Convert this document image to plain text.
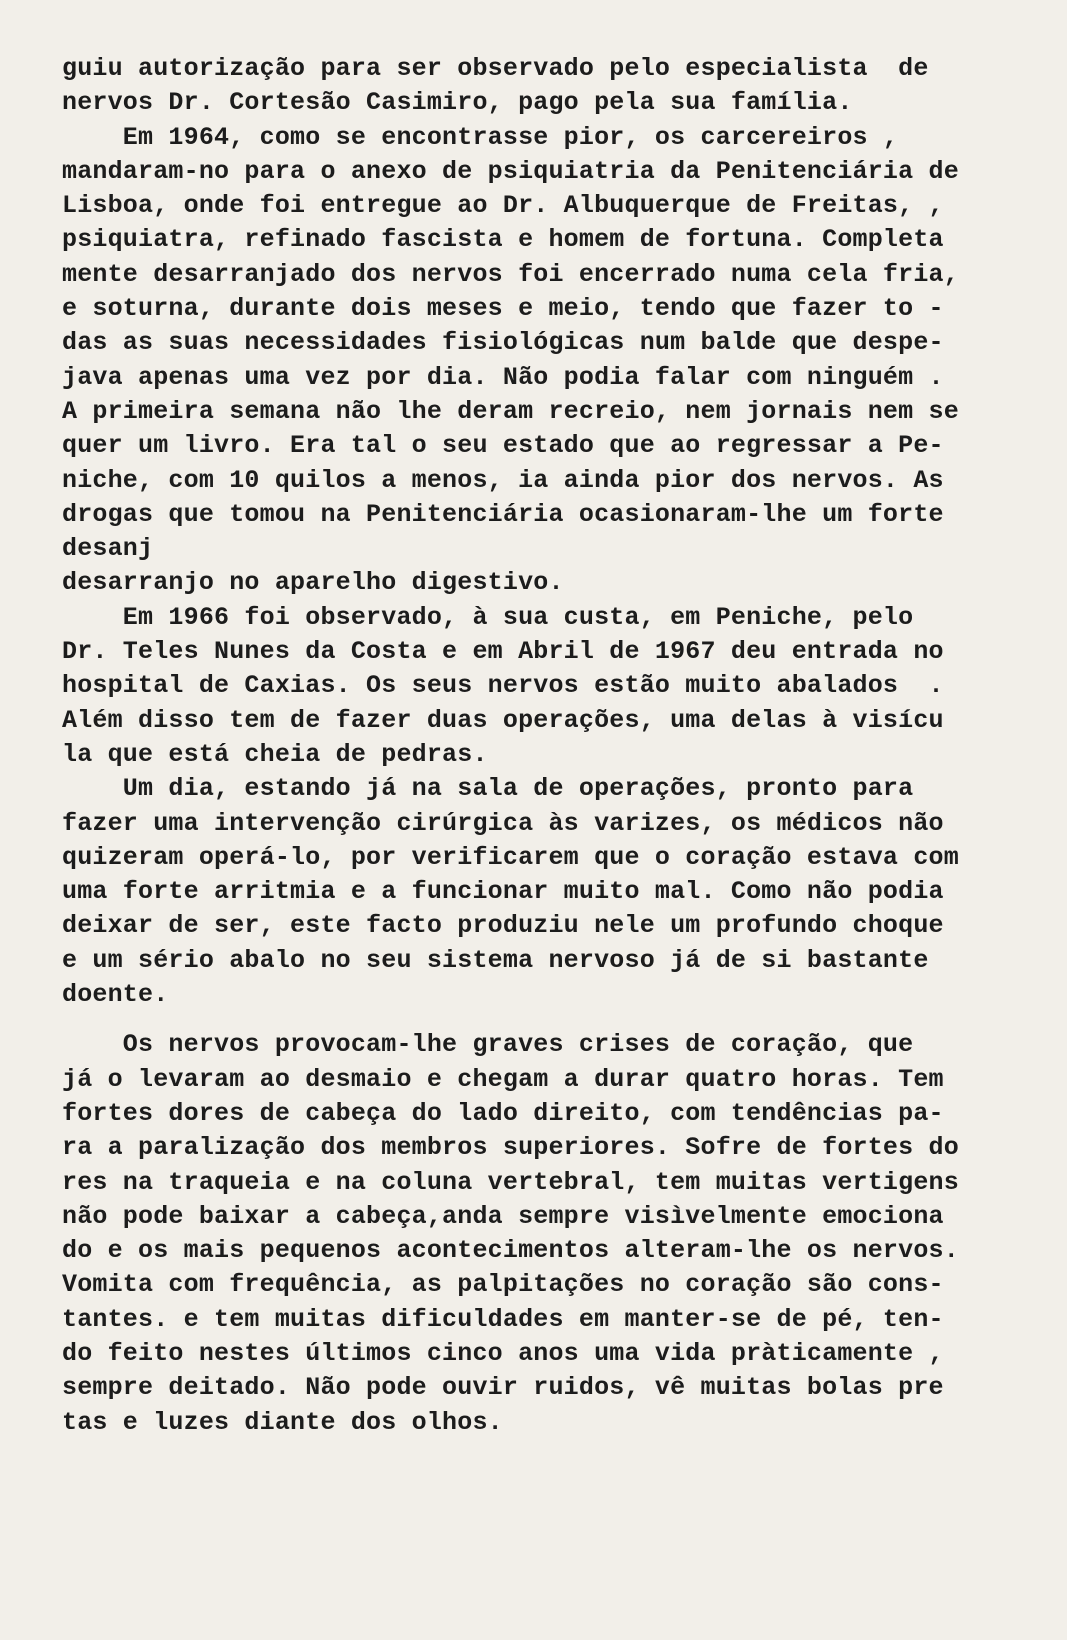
guiu autorização para ser observado pelo especialista  de
nervos Dr. Cortesão Casimiro, pago pela sua família.
Em 1964, como se encontrasse pior, os carcereiros ,
mandaram-no para o anexo de psiquiatria da Penitenciária de
Lisboa, onde foi entregue ao Dr. Albuquerque de Freitas, ,
psiquiatra, refinado fascista e homem de fortuna. Completa
mente desarranjado dos nervos foi encerrado numa cela fria,
e soturna, durante dois meses e meio, tendo que fazer to -
das as suas necessidades fisiológicas num balde que despe-
java apenas uma vez por dia. Não podia falar com ninguém .
A primeira semana não lhe deram recreio, nem jornais nem se
quer um livro. Era tal o seu estado que ao regressar a Pe-
niche, com 10 quilos a menos, ia ainda pior dos nervos. As
drogas que tomou na Penitenciária ocasionaram-lhe um forte
desanj
desarranjo no aparelho digestivo.
Em 1966 foi observado, à sua custa, em Peniche, pelo
Dr. Teles Nunes da Costa e em Abril de 1967 deu entrada no
hospital de Caxias. Os seus nervos estão muito abalados  .
Além disso tem de fazer duas operações, uma delas à visícu
la que está cheia de pedras.
Um dia, estando já na sala de operações, pronto para
fazer uma intervenção cirúrgica às varizes, os médicos não
quizeram operá-lo, por verificarem que o coração estava com
uma forte arritmia e a funcionar muito mal. Como não podia
deixar de ser, este facto produziu nele um profundo choque
e um sério abalo no seu sistema nervoso já de si bastante
doente.
Os nervos provocam-lhe graves crises de coração, que
já o levaram ao desmaio e chegam a durar quatro horas. Tem
fortes dores de cabeça do lado direito, com tendências pa-
ra a paralização dos membros superiores. Sofre de fortes do
res na traqueia e na coluna vertebral, tem muitas vertigens
não pode baixar a cabeça,anda sempre visìvelmente emociona
do e os mais pequenos acontecimentos alteram-lhe os nervos.
Vomita com frequência, as palpitações no coração são cons-
tantes. e tem muitas dificuldades em manter-se de pé, ten-
do feito nestes últimos cinco anos uma vida pràticamente ,
sempre deitado. Não pode ouvir ruidos, vê muitas bolas pre
tas e luzes diante dos olhos.
